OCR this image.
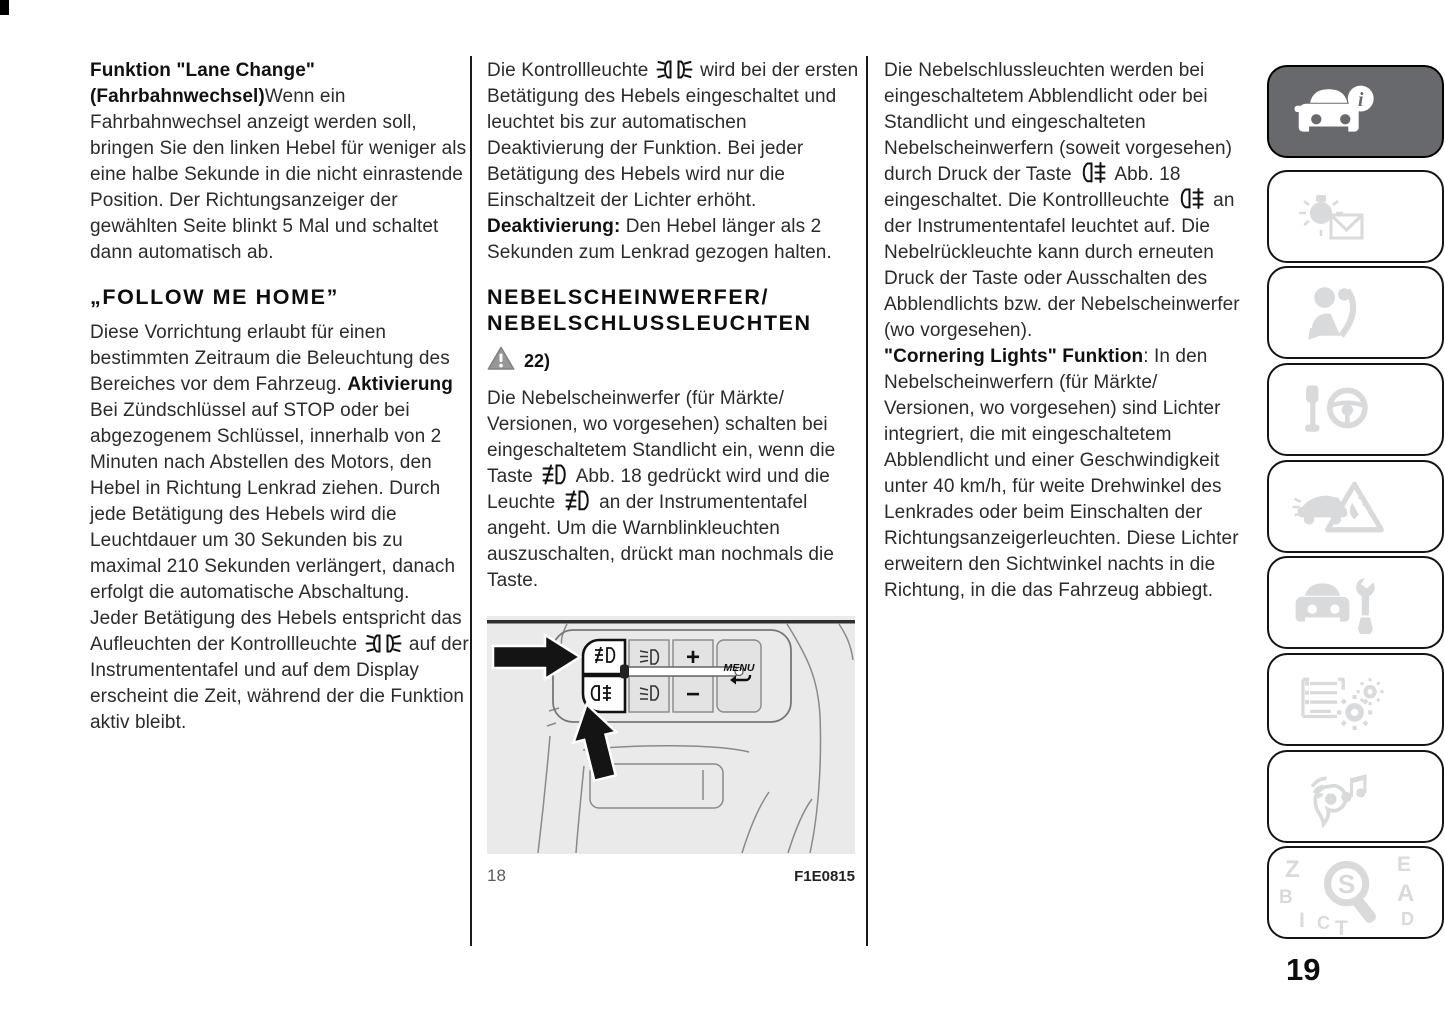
Funktion "Lane Change" (Fahrbahnwechsel)Wenn ein Fahrbahnwechsel anzeigt werden soll, bringen Sie den linken Hebel für weniger als eine halbe Sekunde in die nicht einrastende Position. Der Richtungsanzeiger der gewählten Seite blinkt 5 Mal und schaltet dann automatisch ab.

„FOLLOW ME HOME”

Diese Vorrichtung erlaubt für einen bestimmten Zeitraum die Beleuchtung des Bereiches vor dem Fahrzeug. Aktivierung Bei Zündschlüssel auf STOP oder bei abgezogenem Schlüssel, innerhalb von 2 Minuten nach Abstellen des Motors, den Hebel in Richtung Lenkrad ziehen. Durch jede Betätigung des Hebels wird die Leuchtdauer um 30 Sekunden bis zu maximal 210 Sekunden verlängert, danach erfolgt die automatische Abschaltung.

Jeder Betätigung des Hebels entspricht das Aufleuchten der Kontrollleuchte  auf der Instrumententafel und auf dem Display erscheint die Zeit, während der die Funktion aktiv bleibt.

Die Kontrollleuchte  wird bei der ersten Betätigung des Hebels eingeschaltet und leuchtet bis zur automatischen Deaktivierung der Funktion. Bei jeder Betätigung des Hebels wird nur die Einschaltzeit der Lichter erhöht.

Deaktivierung: Den Hebel länger als 2 Sekunden zum Lenkrad gezogen halten.

NEBELSCHEINWERFER/ NEBELSCHLUSSLEUCHTEN
22)

Die Nebelscheinwerfer (für Märkte/ Versionen, wo vorgesehen) schalten bei eingeschaltetem Standlicht ein, wenn die Taste  Abb. 18 gedrückt wird und die Leuchte  an der Instrumententafel angeht. Um die Warnblinkleuchten auszuschalten, drückt man nochmals die Taste.

+
−
MENU
18	F1E0815

Die Nebelschlussleuchten werden bei eingeschaltetem Abblendlicht oder bei Standlicht und eingeschalteten Nebelscheinwerfern (soweit vorgesehen) durch Druck der Taste  Abb. 18 eingeschaltet. Die Kontrollleuchte  an der Instrumententafel leuchtet auf. Die Nebelrückleuchte kann durch erneuten Druck der Taste oder Ausschalten des Abblendlichts bzw. der Nebelscheinwerfer (wo vorgesehen).

"Cornering Lights" Funktion: In den Nebelscheinwerfern (für Märkte/ Versionen, wo vorgesehen) sind Lichter integriert, die mit eingeschaltetem Abblendlicht und einer Geschwindigkeit unter 40 km/h, für weite Drehwinkel des Lenkrades oder beim Einschalten der Richtungsanzeigerleuchten. Diese Lichter erweitern den Sichtwinkel nachts in die Richtung, in die das Fahrzeug abbiegt.

i
Z	E
B	A
I C T	D
S
19
